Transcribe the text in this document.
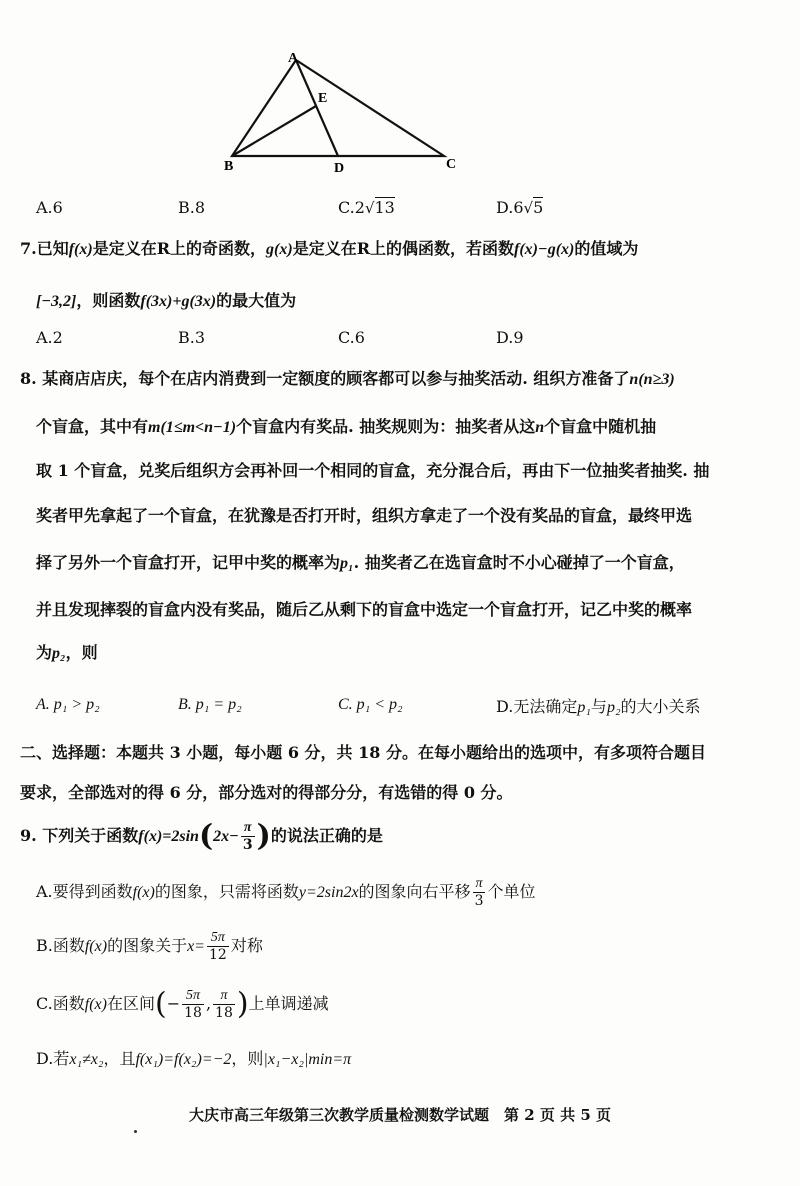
A
E
B	D	C
A.6	B.8	C.2√13	D.6√5
7.已知f(x)是定义在R上的奇函数，g(x)是定义在R上的偶函数，若函数f(x)−g(x)的值域为
[−3,2]，则函数f(3x)+g(3x)的最大值为
A.2	B.3	C.6	D.9
8. 某商店店庆，每个在店内消费到一定额度的顾客都可以参与抽奖活动. 组织方准备了n(n≥3)
个盲盒，其中有m(1≤m<n−1)个盲盒内有奖品. 抽奖规则为：抽奖者从这n个盲盒中随机抽
取 1 个盲盒，兑奖后组织方会再补回一个相同的盲盒，充分混合后，再由下一位抽奖者抽奖. 抽
奖者甲先拿起了一个盲盒，在犹豫是否打开时，组织方拿走了一个没有奖品的盲盒，最终甲选
择了另外一个盲盒打开，记甲中奖的概率为p₁. 抽奖者乙在选盲盒时不小心碰掉了一个盲盒，
并且发现摔裂的盲盒内没有奖品，随后乙从剩下的盲盒中选定一个盲盒打开，记乙中奖的概率
为p₂，则
A. p₁ > p₂	B. p₁ = p₂	C. p₁ < p₂	D.无法确定p₁与p₂的大小关系
二、选择题：本题共 3 小题，每小题 6 分，共 18 分。在每小题给出的选项中，有多项符合题目
要求，全部选对的得 6 分，部分选对的得部分分，有选错的得 0 分。
9. 下列关于函数$f(x)=2\sin(2x- \frac{\pi}{3}$ )的说法正确的是
A.要得到函数f(x)的图象，只需将函数y=2sin2x的图象向右平移 $\frac{\pi}{3}$ 个单位
B.函数f(x)的图象关于$x= \frac{5\pi}{12}$ 对称
C.函数f(x)在区间(− $\frac{5\pi}{18}$ , $\frac{\pi}{18}$ )上单调递减
D.若x₁≠x₂，且f(x₁)=f(x₂)=−2，则|x₁−x₂|min=π
大庆市高三年级第三次教学质量检测数学试题　第 2 页 共 5 页
